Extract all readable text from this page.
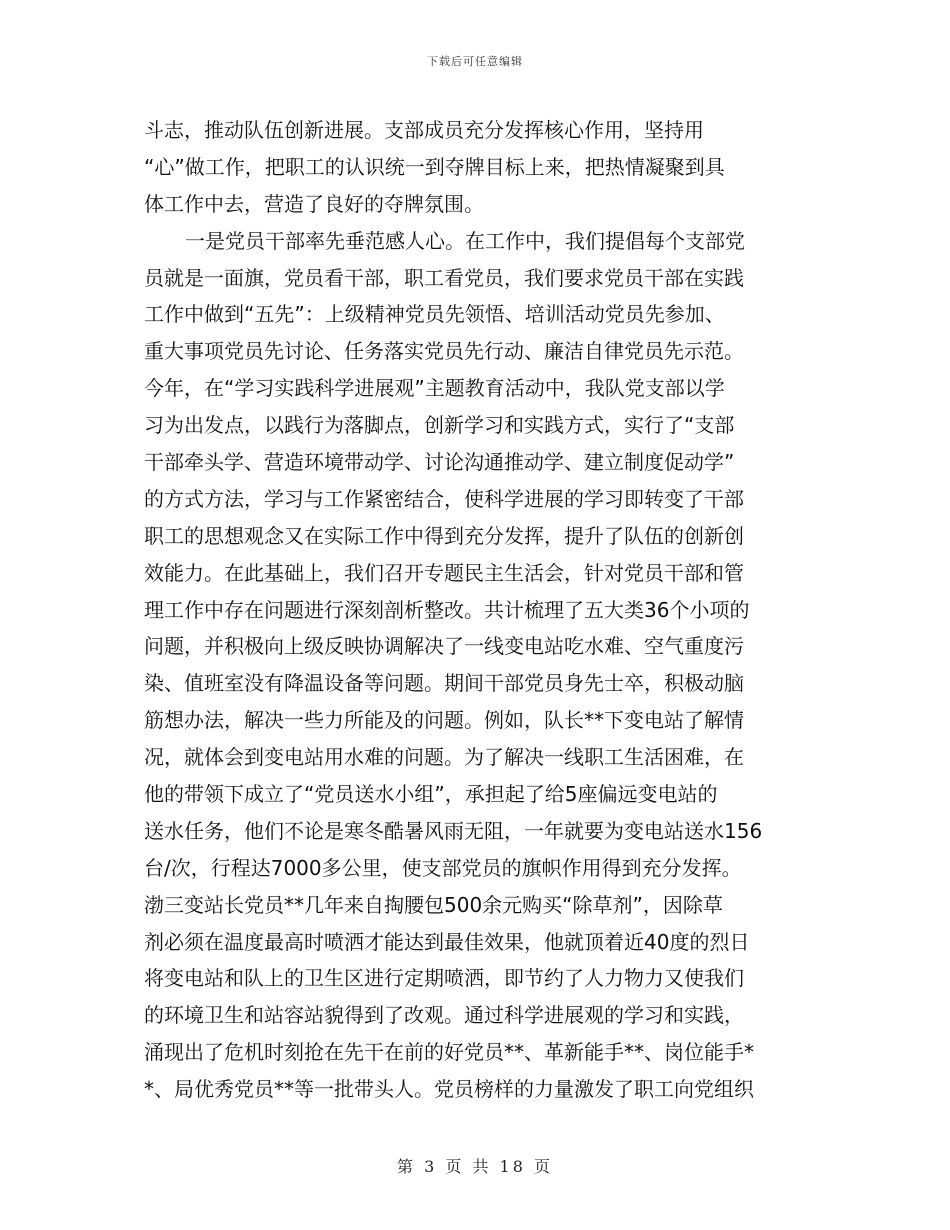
下载后可任意编辑
斗志，推动队伍创新进展。支部成员充分发挥核心作用，坚持用
“心”做工作，把职工的认识统一到夺牌目标上来，把热情凝聚到具
体工作中去，营造了良好的夺牌氛围。
一是党员干部率先垂范感人心。在工作中，我们提倡每个支部党
员就是一面旗，党员看干部，职工看党员，我们要求党员干部在实践
工作中做到“五先”：上级精神党员先领悟、培训活动党员先参加、
重大事项党员先讨论、任务落实党员先行动、廉洁自律党员先示范。
今年，在“学习实践科学进展观”主题教育活动中，我队党支部以学
习为出发点，以践行为落脚点，创新学习和实践方式，实行了“支部
干部牵头学、营造环境带动学、讨论沟通推动学、建立制度促动学”
的方式方法，学习与工作紧密结合，使科学进展的学习即转变了干部
职工的思想观念又在实际工作中得到充分发挥，提升了队伍的创新创
效能力。在此基础上，我们召开专题民主生活会，针对党员干部和管
理工作中存在问题进行深刻剖析整改。共计梳理了五大类36个小项的
问题，并积极向上级反映协调解决了一线变电站吃水难、空气重度污
染、值班室没有降温设备等问题。期间干部党员身先士卒，积极动脑
筋想办法，解决一些力所能及的问题。例如，队长**下变电站了解情
况，就体会到变电站用水难的问题。为了解决一线职工生活困难，在
他的带领下成立了“党员送水小组”，承担起了给5座偏远变电站的
送水任务，他们不论是寒冬酷暑风雨无阻，一年就要为变电站送水156
台/次，行程达7000多公里，使支部党员的旗帜作用得到充分发挥。
渤三变站长党员**几年来自掏腰包500余元购买“除草剂”，因除草
剂必须在温度最高时喷洒才能达到最佳效果，他就顶着近40度的烈日
将变电站和队上的卫生区进行定期喷洒，即节约了人力物力又使我们
的环境卫生和站容站貌得到了改观。通过科学进展观的学习和实践，
涌现出了危机时刻抢在先干在前的好党员**、革新能手**、岗位能手*
*、局优秀党员**等一批带头人。党员榜样的力量激发了职工向党组织
第 3 页 共 18 页
